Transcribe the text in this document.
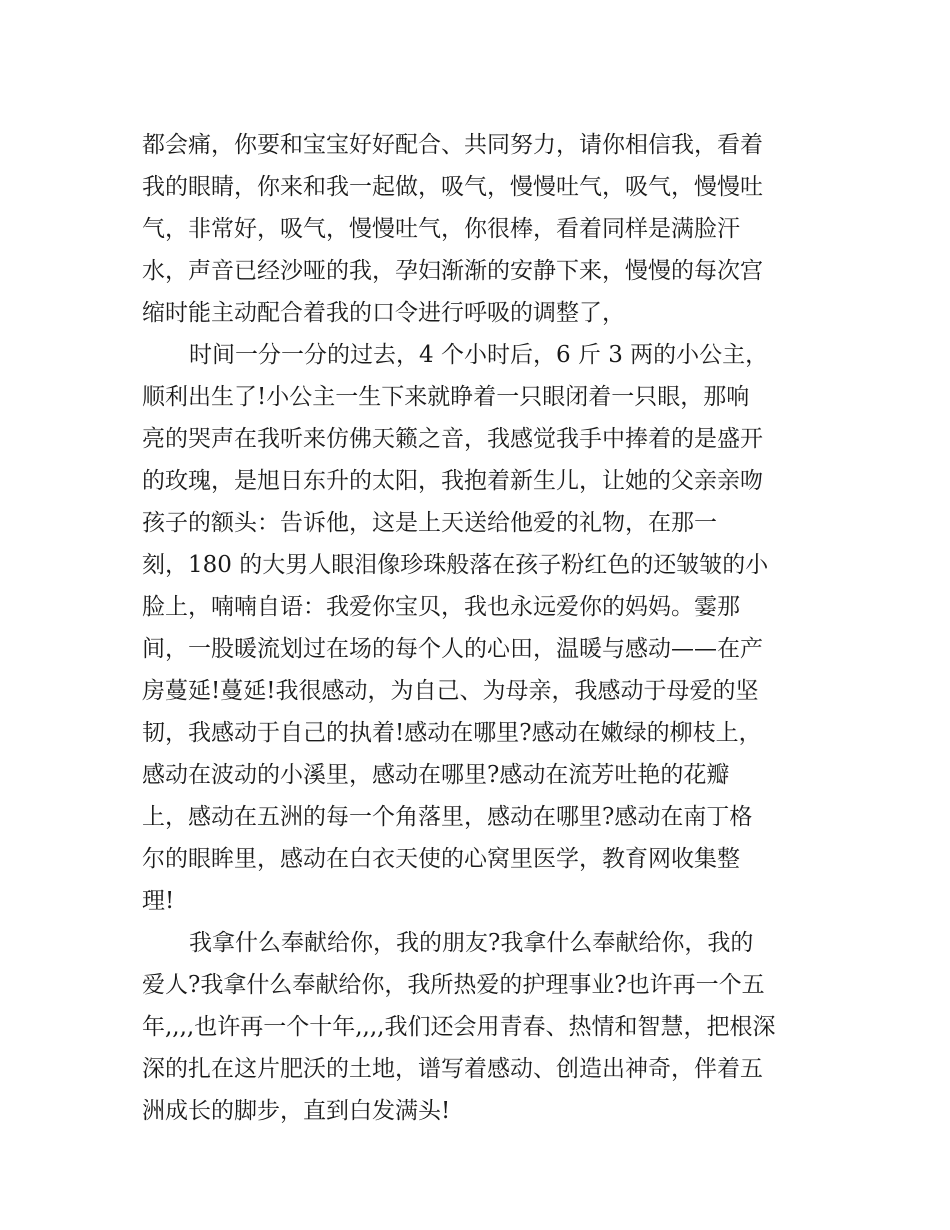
都会痛，你要和宝宝好好配合、共同努力，请你相信我，看着
我的眼睛，你来和我一起做，吸气，慢慢吐气，吸气，慢慢吐
气，非常好，吸气，慢慢吐气，你很棒，看着同样是满脸汗
水，声音已经沙哑的我，孕妇渐渐的安静下来，慢慢的每次宫
缩时能主动配合着我的口令进行呼吸的调整了，
时间一分一分的过去，4 个小时后，6 斤 3 两的小公主，
顺利出生了!小公主一生下来就睁着一只眼闭着一只眼，那响
亮的哭声在我听来仿佛天籁之音，我感觉我手中捧着的是盛开
的玫瑰，是旭日东升的太阳，我抱着新生儿，让她的父亲亲吻
孩子的额头：告诉他，这是上天送给他爱的礼物，在那一
刻，180 的大男人眼泪像珍珠般落在孩子粉红色的还皱皱的小
脸上，喃喃自语：我爱你宝贝，我也永远爱你的妈妈。霎那
间，一股暖流划过在场的每个人的心田，温暖与感动——在产
房蔓延!蔓延!我很感动，为自己、为母亲，我感动于母爱的坚
韧，我感动于自己的执着!感动在哪里?感动在嫩绿的柳枝上，
感动在波动的小溪里，感动在哪里?感动在流芳吐艳的花瓣
上，感动在五洲的每一个角落里，感动在哪里?感动在南丁格
尔的眼眸里，感动在白衣天使的心窝里医学，教育网收集整
理!
我拿什么奉献给你，我的朋友?我拿什么奉献给你，我的
爱人?我拿什么奉献给你，我所热爱的护理事业?也许再一个五
年,,,,也许再一个十年,,,,我们还会用青春、热情和智慧，把根深
深的扎在这片肥沃的土地，谱写着感动、创造出神奇，伴着五
洲成长的脚步，直到白发满头!
